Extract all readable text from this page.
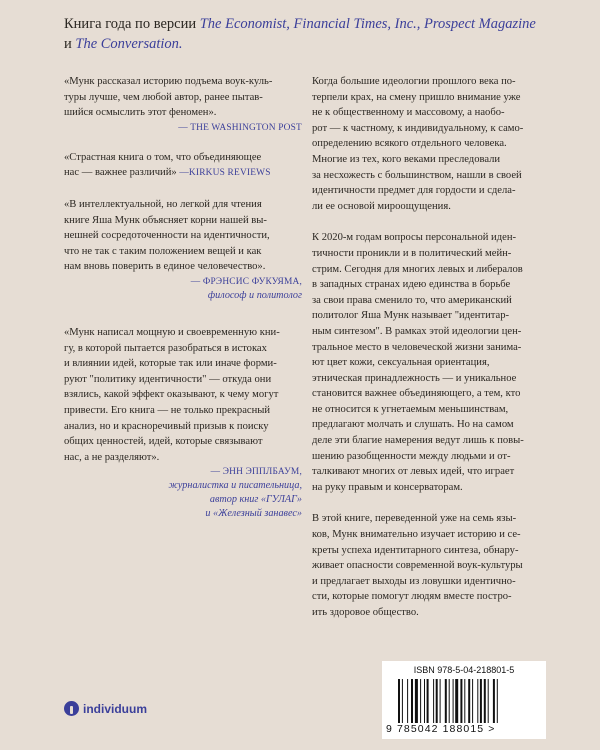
Книга года по версии The Economist, Financial Times, Inc., Prospect Magazine
и The Conversation.

«Мунк рассказал историю подъема воук-куль-
туры лучше, чем любой автор, ранее пытав-
шийся осмыслить этот феномен».

— THE WASHINGTON POST

«Страстная книга о том, что объединяющее
нас — важнее различий» —KIRKUS REVIEWS

«В интеллектуальной, но легкой для чтения
книге Яша Мунк объясняет корни нашей вы-
нешней сосредоточенности на идентичности,
что не так с таким положением вещей и как
нам вновь поверить в единое человечество».

— ФРЭНСИС ФУКУЯМА,
философ и политолог

«Мунк написал мощную и своевременную кни-
гу, в которой пытается разобраться в истоках
и влиянии идей, которые так или иначе форми-
руют "политику идентичности" — откуда они
взялись, какой эффект оказывают, к чему могут
привести. Его книга — не только прекрасный
анализ, но и красноречивый призыв к поиску
общих ценностей, идей, которые связывают
нас, а не разделяют».

— ЭНН ЭППЛБАУМ,
журналистка и писательница,
автор книг «ГУЛАГ»
и «Железный занавес»

Когда большие идеологии прошлого века по-
терпели крах, на смену пришло внимание уже
не к общественному и массовому, а наобо-
рот — к частному, к индивидуальному, к само-
определению всякого отдельного человека.
Многие из тех, кого веками преследовали
за несхожесть с большинством, нашли в своей
идентичности предмет для гордости и сдела-
ли ее основой мироощущения.

К 2020-м годам вопросы персональной иден-
тичности проникли и в политический мейн-
стрим. Сегодня для многих левых и либералов
в западных странах идею единства в борьбе
за свои права сменило то, что американский
политолог Яша Мунк называет "идентитар-
ным синтезом". В рамках этой идеологии цен-
тральное место в человеческой жизни занима-
ют цвет кожи, сексуальная ориентация,
этническая принадлежность — и уникальное
становится важнее объединяющего, а тем, кто
не относится к угнетаемым меньшинствам,
предлагают молчать и слушать. Но на самом
деле эти благие намерения ведут лишь к повы-
шению разобщенности между людьми и от-
талкивают многих от левых идей, что играет
на руку правым и консерваторам.

В этой книге, переведенной уже на семь язы-
ков, Мунк внимательно изучает историю и се-
креты успеха идентитарного синтеза, обнару-
живает опасности современной воук-культуры
и предлагает выходы из ловушки идентично-
сти, которые помогут людям вместе постро-
ить здоровое общество.

individuum
ISBN 978-5-04-218801-5
9 785042 188015 >
